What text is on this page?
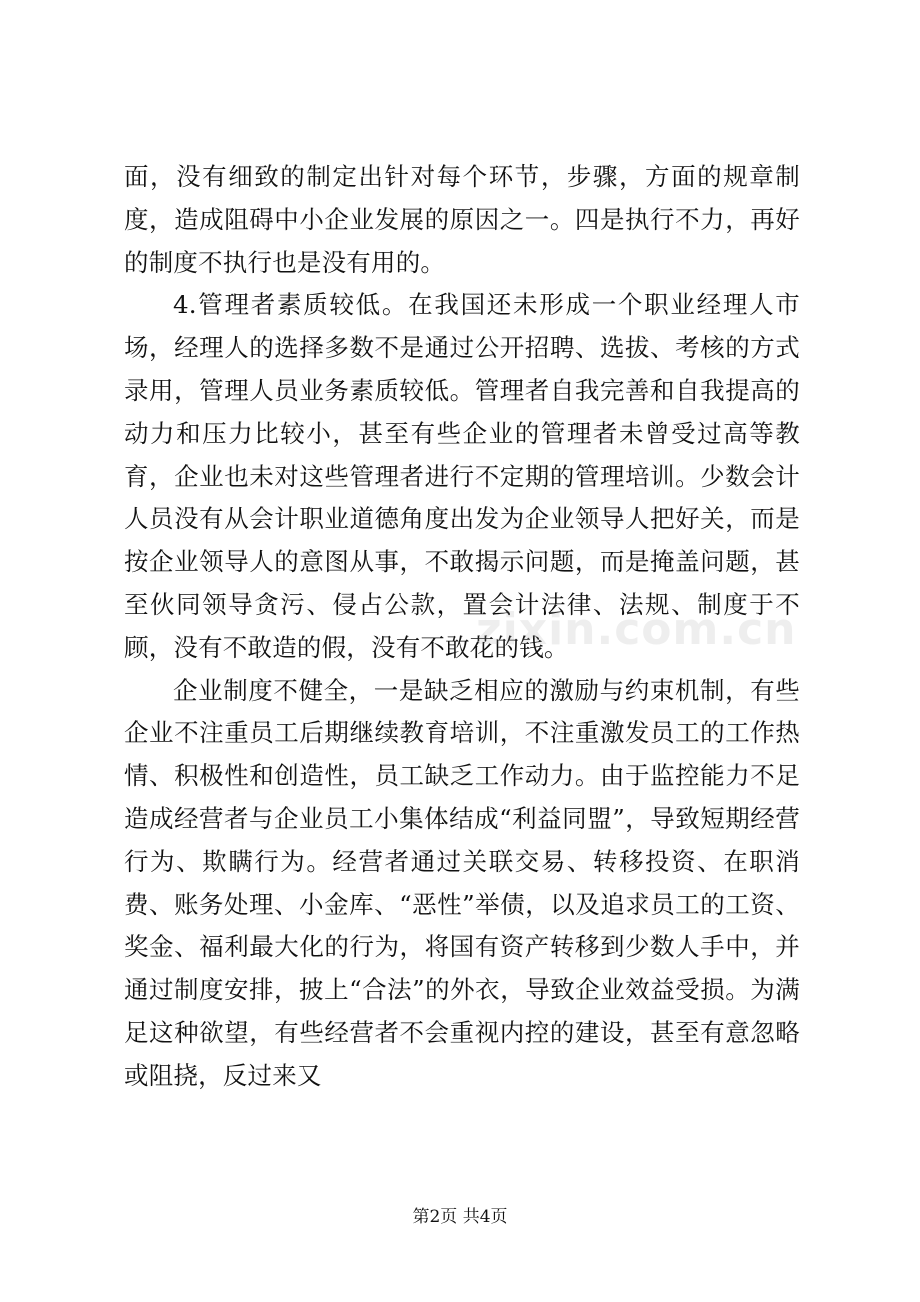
面，没有细致的制定出针对每个环节，步骤，方面的规章制度，造成阻碍中小企业发展的原因之一。四是执行不力，再好的制度不执行也是没有用的。

4.管理者素质较低。在我国还未形成一个职业经理人市场，经理人的选择多数不是通过公开招聘、选拔、考核的方式录用，管理人员业务素质较低。管理者自我完善和自我提高的动力和压力比较小，甚至有些企业的管理者未曾受过高等教育，企业也未对这些管理者进行不定期的管理培训。少数会计人员没有从会计职业道德角度出发为企业领导人把好关，而是按企业领导人的意图从事，不敢揭示问题，而是掩盖问题，甚至伙同领导贪污、侵占公款，置会计法律、法规、制度于不顾，没有不敢造的假，没有不敢花的钱。

企业制度不健全，一是缺乏相应的激励与约束机制，有些企业不注重员工后期继续教育培训，不注重激发员工的工作热情、积极性和创造性，员工缺乏工作动力。由于监控能力不足造成经营者与企业员工小集体结成“利益同盟”，导致短期经营行为、欺瞒行为。经营者通过关联交易、转移投资、在职消费、账务处理、小金库、“恶性”举债，以及追求员工的工资、奖金、福利最大化的行为，将国有资产转移到少数人手中，并通过制度安排，披上“合法”的外衣，导致企业效益受损。为满足这种欲望，有些经营者不会重视内控的建设，甚至有意忽略或阻挠，反过来又

zixin.com.cn
第2页 共4页
